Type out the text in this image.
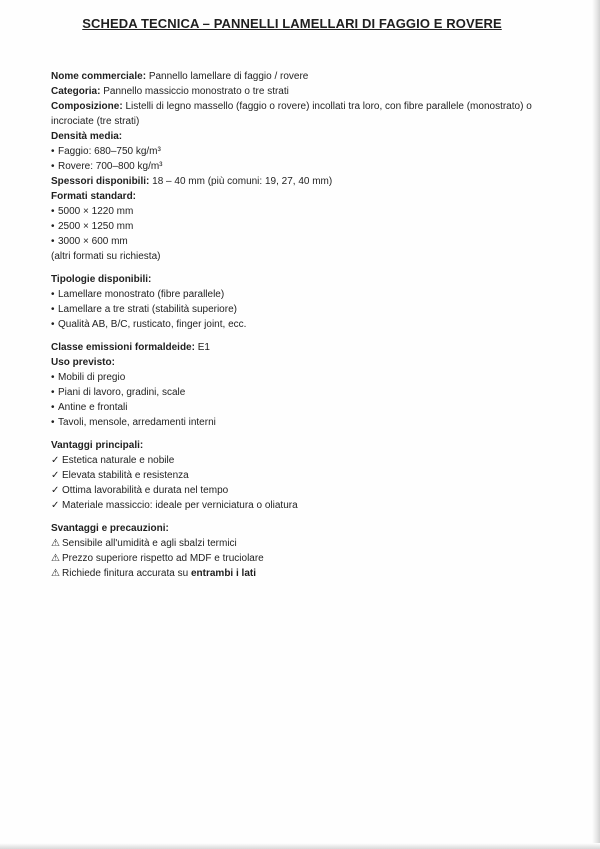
SCHEDA TECNICA – PANNELLI LAMELLARI DI FAGGIO E ROVERE
Nome commerciale: Pannello lamellare di faggio / rovere
Categoria: Pannello massiccio monostrato o tre strati
Composizione: Listelli di legno massello (faggio o rovere) incollati tra loro, con fibre parallele (monostrato) o incrociate (tre strati)
Densità media:
• Faggio: 680–750 kg/m³
• Rovere: 700–800 kg/m³
Spessori disponibili: 18 – 40 mm (più comuni: 19, 27, 40 mm)
Formati standard:
• 5000 × 1220 mm
• 2500 × 1250 mm
• 3000 × 600 mm
(altri formati su richiesta)
Tipologie disponibili:
• Lamellare monostrato (fibre parallele)
• Lamellare a tre strati (stabilità superiore)
• Qualità AB, B/C, rusticato, finger joint, ecc.
Classe emissioni formaldeide: E1
Uso previsto:
• Mobili di pregio
• Piani di lavoro, gradini, scale
• Antine e frontali
• Tavoli, mensole, arredamenti interni
Vantaggi principali:
✓ Estetica naturale e nobile
✓ Elevata stabilità e resistenza
✓ Ottima lavorabilità e durata nel tempo
✓ Materiale massiccio: ideale per verniciatura o oliatura
Svantaggi e precauzioni:
⚠ Sensibile all'umidità e agli sbalzi termici
⚠ Prezzo superiore rispetto ad MDF e truciolare
⚠ Richiede finitura accurata su entrambi i lati
